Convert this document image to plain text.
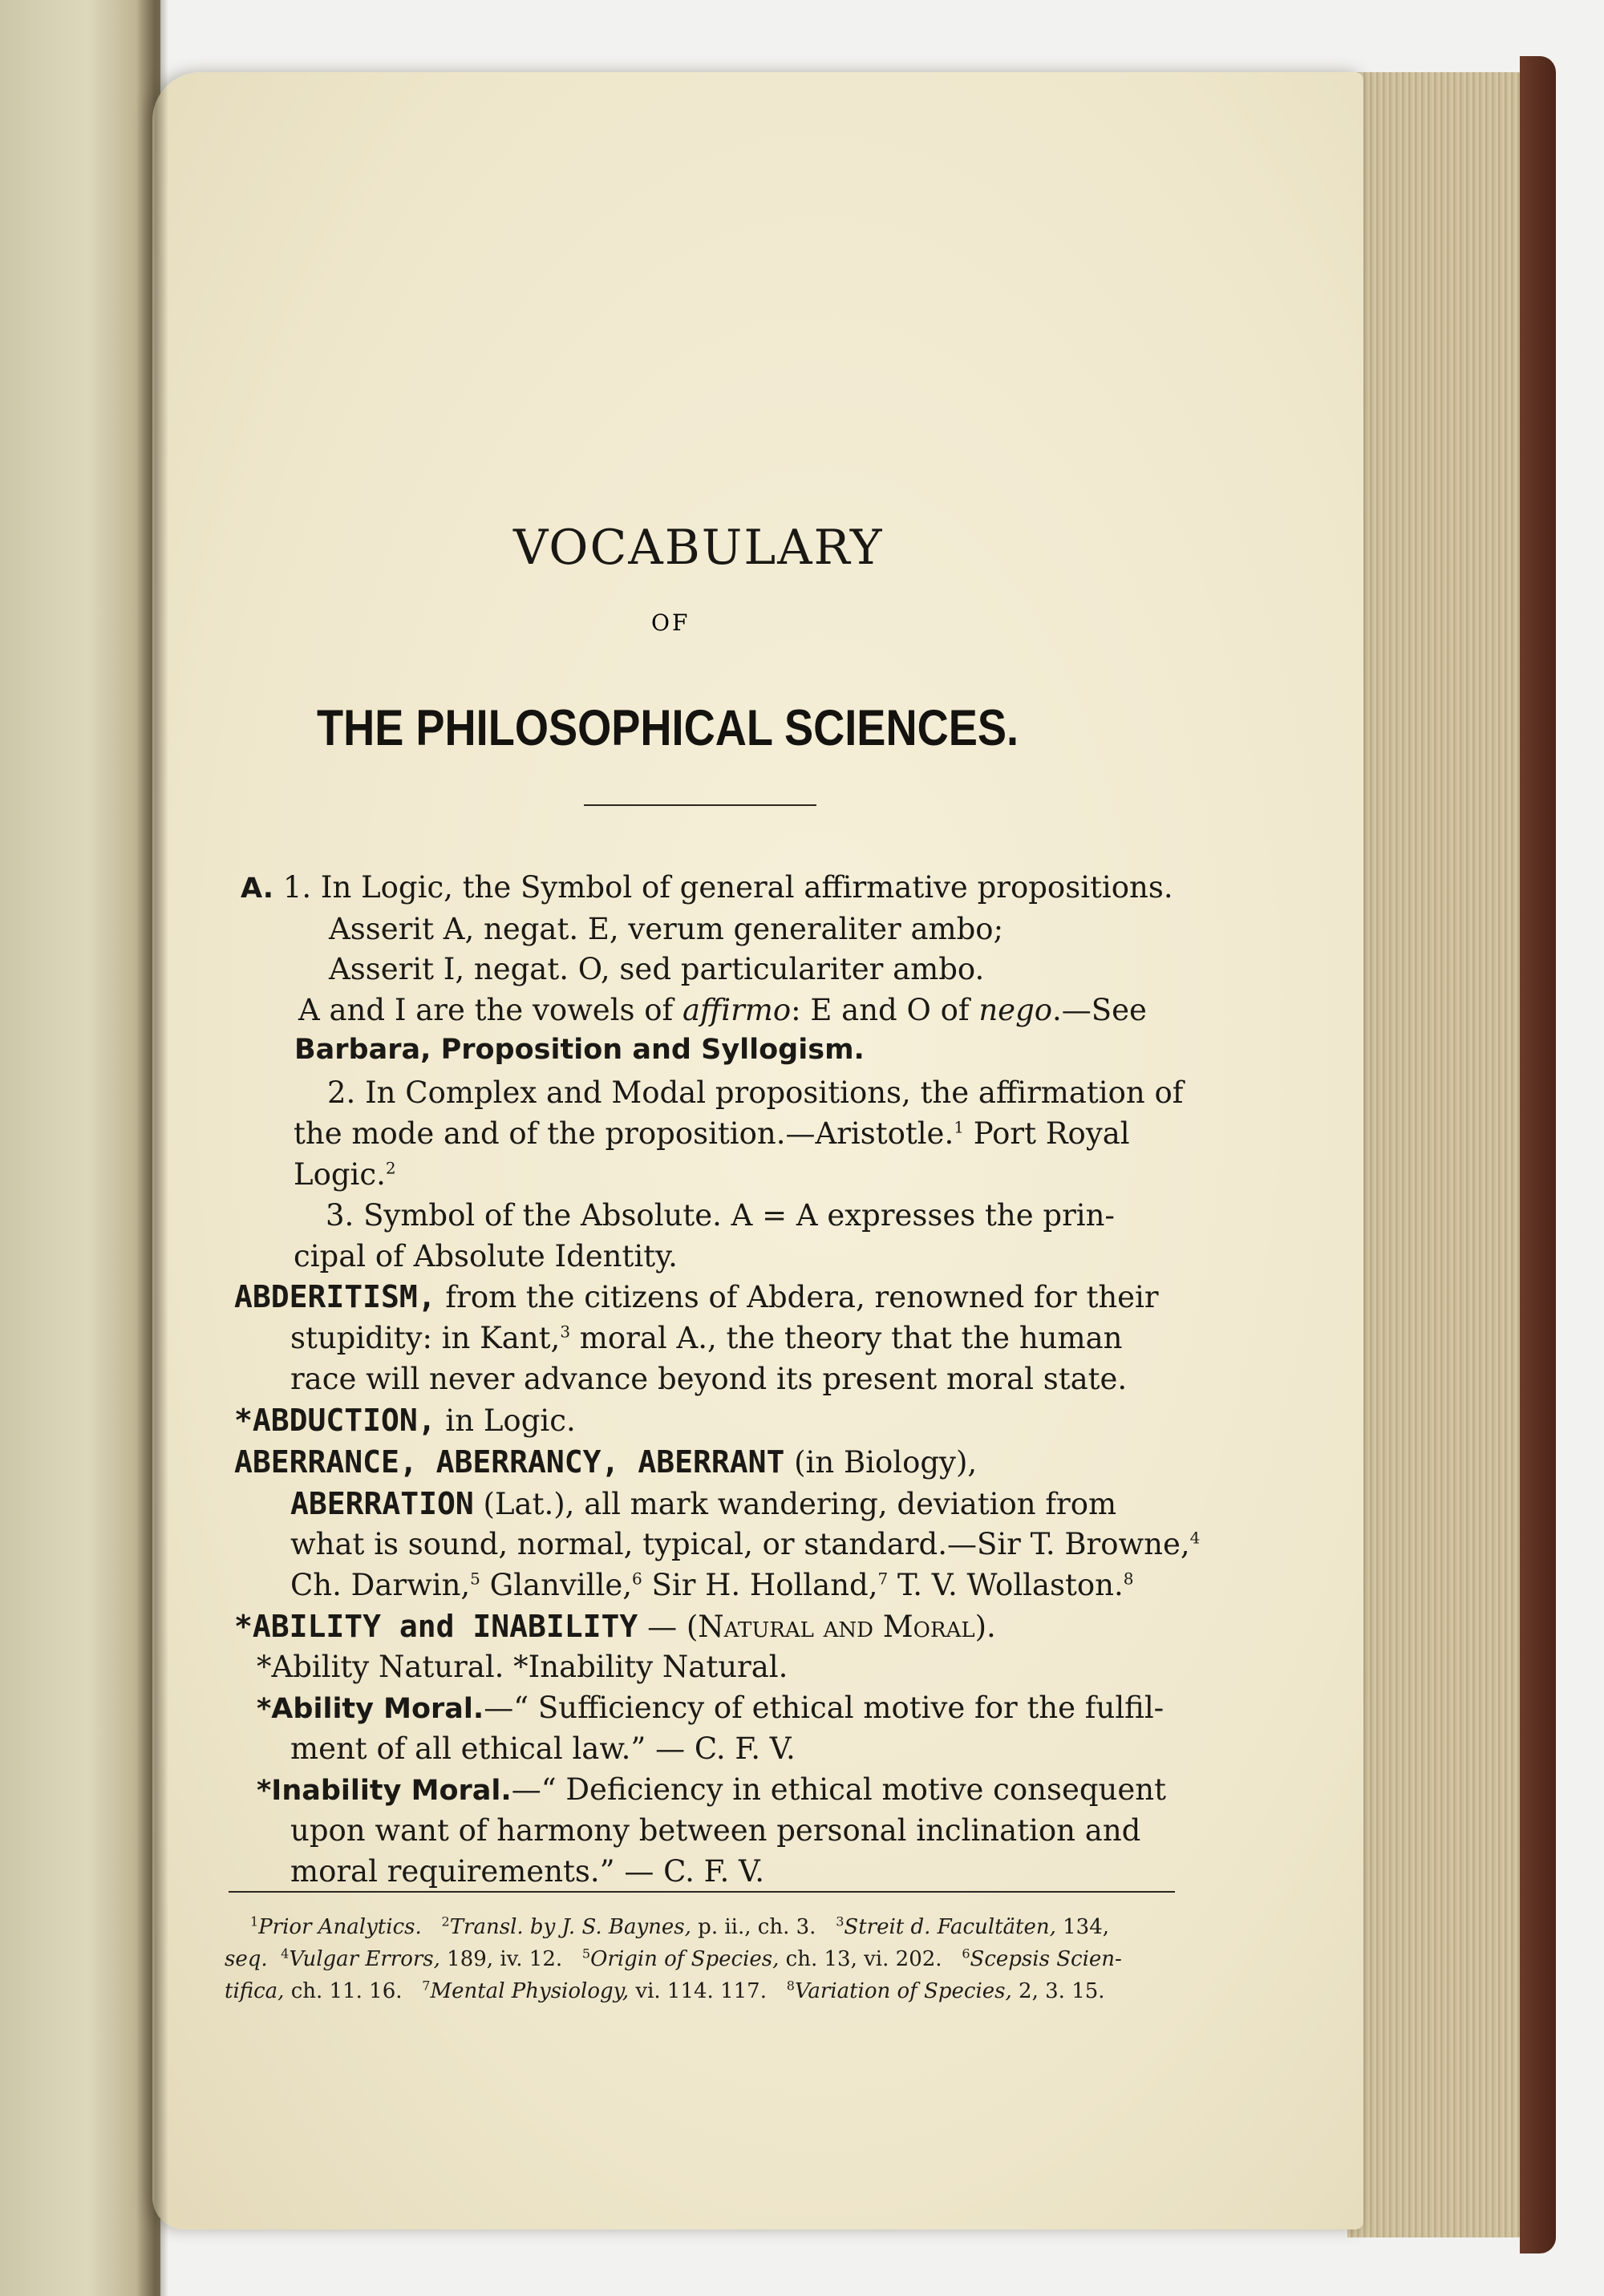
VOCABULARY
OF
THE PHILOSOPHICAL SCIENCES.
A. 1. In Logic, the Symbol of general affirmative propositions.
Asserit A, negat. E, verum generaliter ambo;
Asserit I, negat. O, sed particulariter ambo.
A and I are the vowels of affirmo: E and O of nego.—See
Barbara, Proposition and Syllogism.
2. In Complex and Modal propositions, the affirmation of
the mode and of the proposition.—Aristotle.$^1$ Port Royal
Logic.$^2$
3. Symbol of the Absolute. A = A expresses the prin-
cipal of Absolute Identity.
ABDERITISM, from the citizens of Abdera, renowned for their
stupidity: in Kant,$^3$ moral A., the theory that the human
race will never advance beyond its present moral state.
*ABDUCTION, in Logic.
ABERRANCE, ABERRANCY, ABERRANT (in Biology),
ABERRATION (Lat.), all mark wandering, deviation from
what is sound, normal, typical, or standard.—Sir T. Browne,$^4$
Ch. Darwin,$^5$ Glanville,$^6$ Sir H. Holland,$^7$ T. V. Wollaston.$^8$
*ABILITY and INABILITY — (Natural and Moral).
*Ability Natural. *Inability Natural.
*Ability Moral.—“ Sufficiency of ethical motive for the fulfil-
ment of all ethical law.” — C. F. V.
*Inability Moral.—“ Deficiency in ethical motive consequent
upon want of harmony between personal inclination and
moral requirements.” — C. F. V.
$^1$Prior Analytics. $^2$Transl. by J. S. Baynes, p. ii., ch. 3. $^3$Streit d. Facultäten, 134,
seq. $^4$Vulgar Errors, 189, iv. 12. $^5$Origin of Species, ch. 13, vi. 202. $^6$Scepsis Scien-
tifica, ch. 11. 16. $^7$Mental Physiology, vi. 114. 117. $^8$Variation of Species, 2, 3. 15.
